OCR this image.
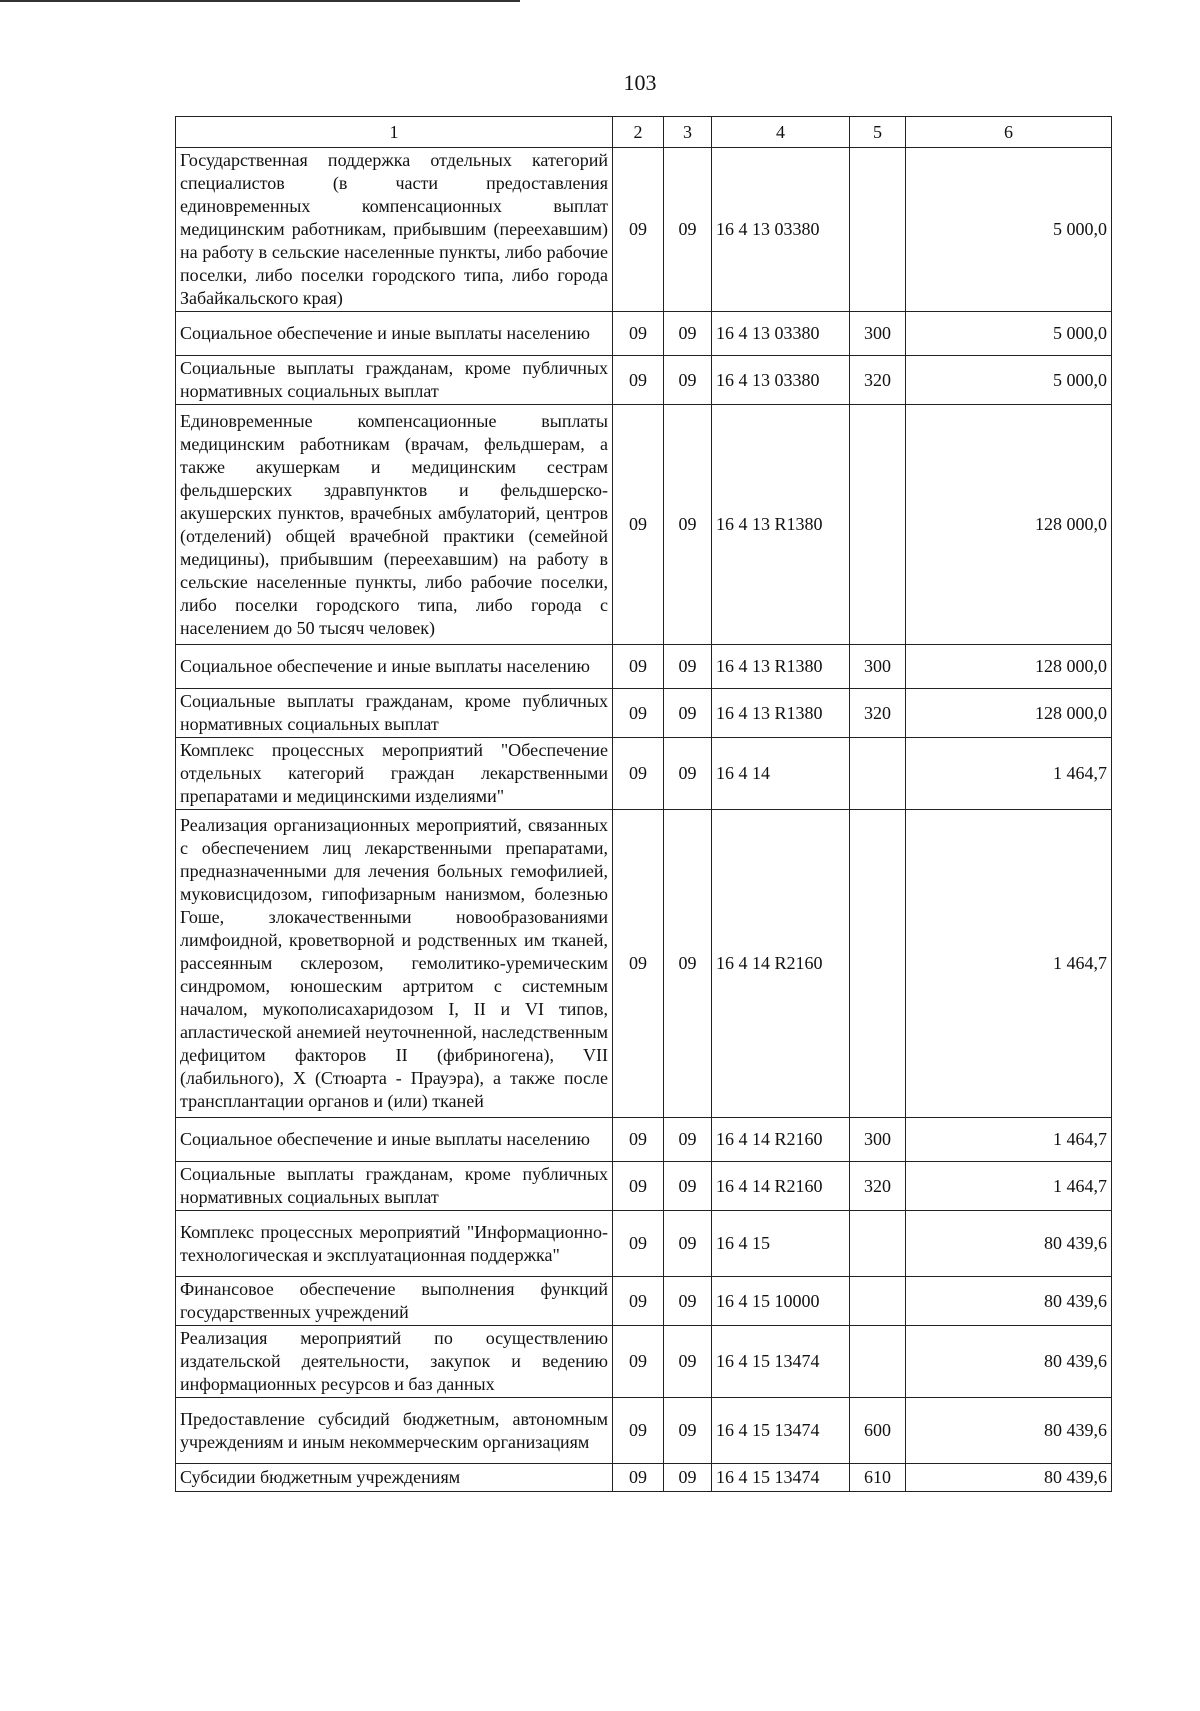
103
1	2	3	4	5	6
Государственная поддержка отдельных категорий специалистов (в части предоставления единовременных компенсационных выплат медицинским работникам, прибывшим (переехавшим) на работу в сельские населенные пункты, либо рабочие поселки, либо поселки городского типа, либо города Забайкальского края)	09	09	16 4 13 03380		5 000,0
Социальное обеспечение и иные выплаты населению	09	09	16 4 13 03380	300	5 000,0
Социальные выплаты гражданам, кроме публичных нормативных социальных выплат	09	09	16 4 13 03380	320	5 000,0
Единовременные компенсационные выплаты медицинским работникам (врачам, фельдшерам, а также акушеркам и медицинским сестрам фельдшерских здравпунктов и фельдшерско-акушерских пунктов, врачебных амбулаторий, центров (отделений) общей врачебной практики (семейной медицины), прибывшим (переехавшим) на работу в сельские населенные пункты, либо рабочие поселки, либо поселки городского типа, либо города с населением до 50 тысяч человек)	09	09	16 4 13 R1380		128 000,0
Социальное обеспечение и иные выплаты населению	09	09	16 4 13 R1380	300	128 000,0
Социальные выплаты гражданам, кроме публичных нормативных социальных выплат	09	09	16 4 13 R1380	320	128 000,0
Комплекс процессных мероприятий "Обеспечение отдельных категорий граждан лекарственными препаратами и медицинскими изделиями"	09	09	16 4 14		1 464,7
Реализация организационных мероприятий, связанных с обеспечением лиц лекарственными препаратами, предназначенными для лечения больных гемофилией, муковисцидозом, гипофизарным нанизмом, болезнью Гоше, злокачественными новообразованиями лимфоидной, кроветворной и родственных им тканей, рассеянным склерозом, гемолитико-уремическим синдромом, юношеским артритом с системным началом, мукополисахаридозом I, II и VI типов, апластической анемией неуточненной, наследственным дефицитом факторов II (фибриногена), VII (лабильного), X (Стюарта - Прауэра), а также после трансплантации органов и (или) тканей	09	09	16 4 14 R2160		1 464,7
Социальное обеспечение и иные выплаты населению	09	09	16 4 14 R2160	300	1 464,7
Социальные выплаты гражданам, кроме публичных нормативных социальных выплат	09	09	16 4 14 R2160	320	1 464,7
Комплекс процессных мероприятий "Информационно-технологическая и эксплуатационная поддержка"	09	09	16 4 15		80 439,6
Финансовое обеспечение выполнения функций государственных учреждений	09	09	16 4 15 10000		80 439,6
Реализация мероприятий по осуществлению издательской деятельности, закупок и ведению информационных ресурсов и баз данных	09	09	16 4 15 13474		80 439,6
Предоставление субсидий бюджетным, автономным учреждениям и иным некоммерческим организациям	09	09	16 4 15 13474	600	80 439,6
Субсидии бюджетным учреждениям	09	09	16 4 15 13474	610	80 439,6
